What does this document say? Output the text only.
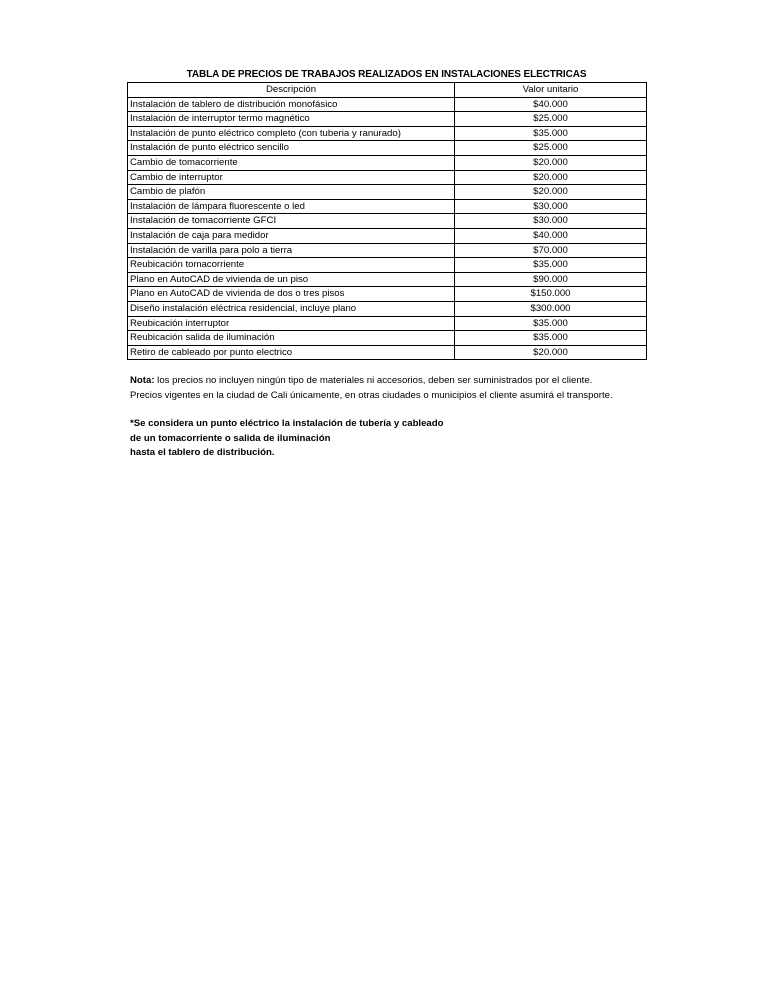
TABLA DE PRECIOS DE TRABAJOS REALIZADOS EN INSTALACIONES ELECTRICAS
Descripción	Valor unitario
Instalación de tablero de distribución monofásico	$40.000
Instalación de interruptor termo magnético	$25.000
Instalación de punto eléctrico completo (con tuberia y ranurado)	$35.000
Instalación de punto eléctrico sencillo	$25.000
Cambio de tomacorriente	$20.000
Cambio de interruptor	$20.000
Cambio de plafón	$20.000
Instalación de lámpara fluorescente o led	$30.000
Instalación de tomacorriente GFCI	$30.000
Instalación de caja para medidor	$40.000
Instalación de varilla para polo a tierra	$70.000
Reubicación tomacorriente	$35.000
Plano en AutoCAD de vivienda de un piso	$90.000
Plano en AutoCAD de vivienda de dos o tres pisos	$150.000
Diseño instalación eléctrica residencial, incluye plano	$300.000
Reubicación interruptor	$35.000
Reubicación salida de iluminación	$35.000
Retiro de cableado por punto electrico	$20.000

Nota: los precios no incluyen ningún tipo de materiales ni accesorios, deben ser suministrados por el cliente.

Precios vigentes en la ciudad de Cali únicamente, en otras ciudades o municipios el cliente asumirá el transporte.

*Se considera un punto eléctrico la instalación de tubería y cableado

de un tomacorriente o salida de iluminación

hasta el tablero de distribución.
